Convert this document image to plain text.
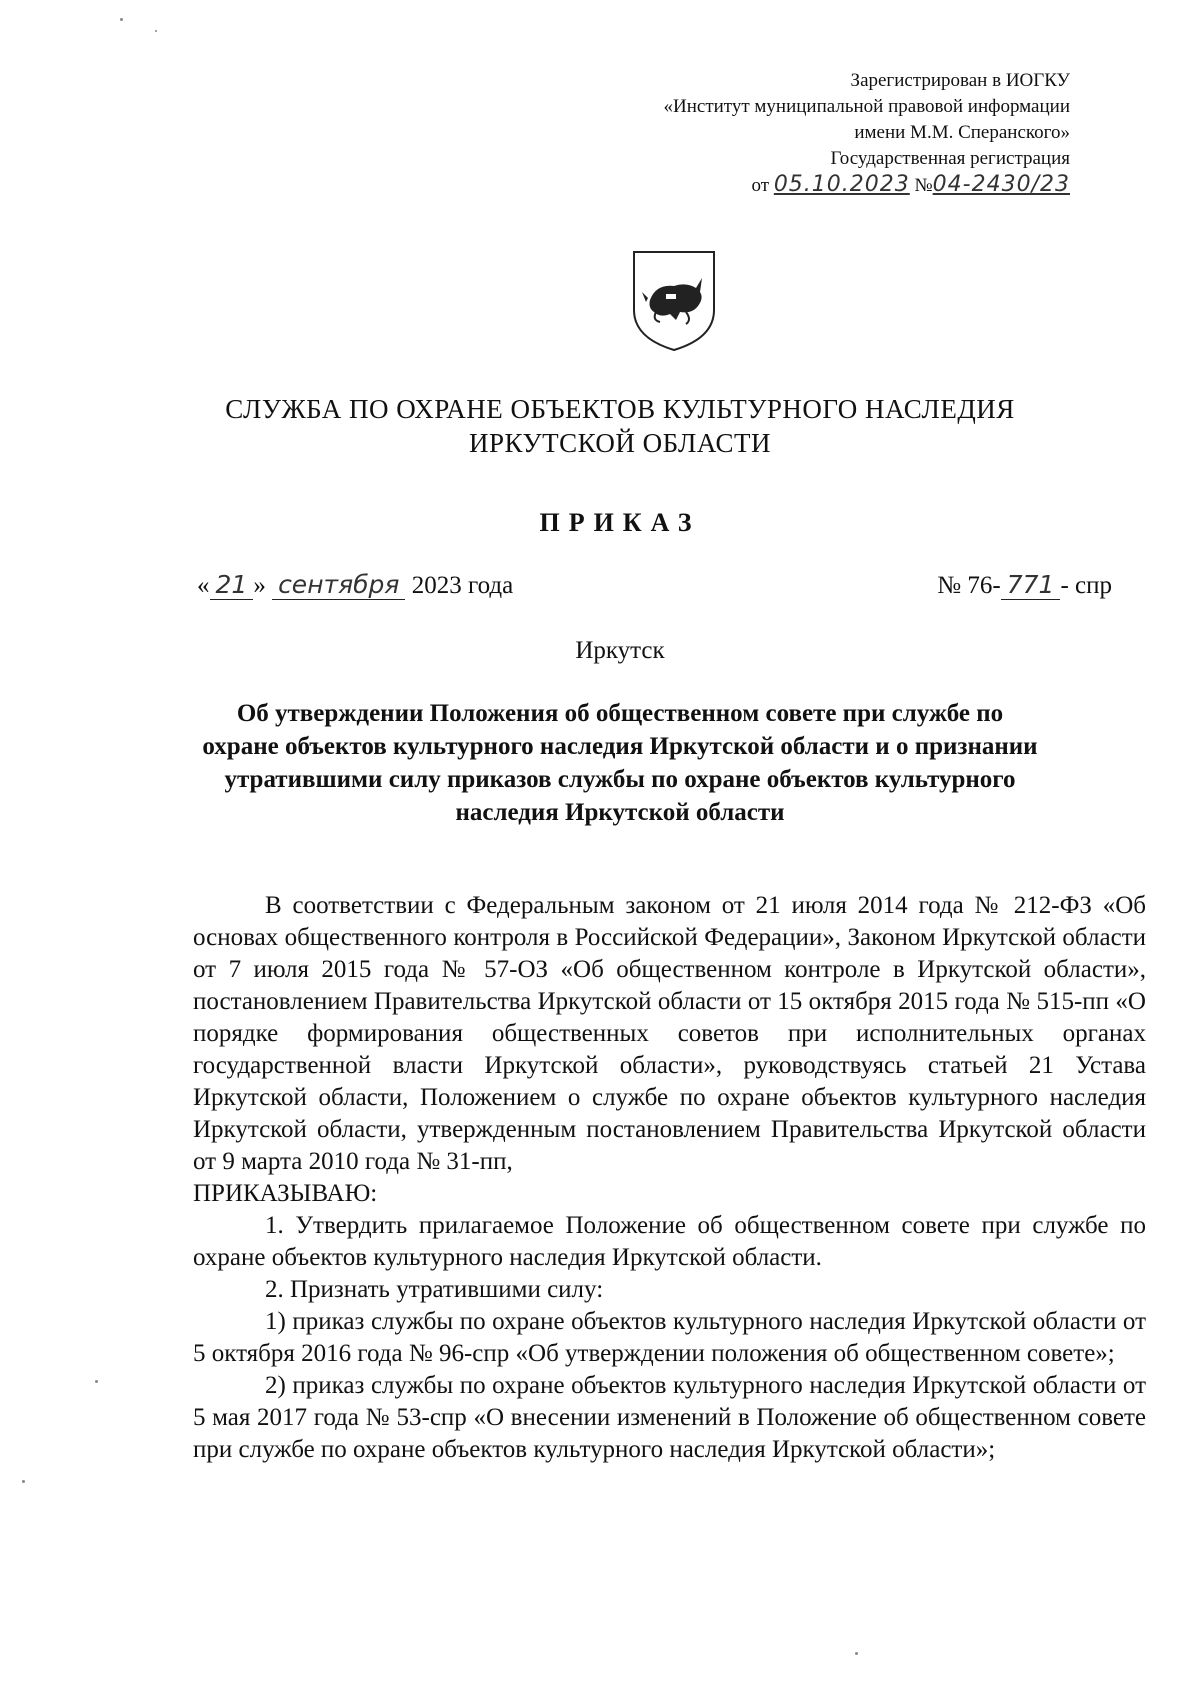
Зарегистрирован в ИОГКУ
«Институт муниципальной правовой информации
имени М.М. Сперанского»
Государственная регистрация
от 05.10.2023 №04-2430/23
СЛУЖБА ПО ОХРАНЕ ОБЪЕКТОВ КУЛЬТУРНОГО НАСЛЕДИЯ
ИРКУТСКОЙ ОБЛАСТИ
ПРИКАЗ
« 21 » сентября 2023 года	№ 76- 771 - спр
Иркутск
Об утверждении Положения об общественном совете при службе по
охране объектов культурного наследия Иркутской области и о признании
утратившими силу приказов службы по охране объектов культурного
наследия Иркутской области

В соответствии с Федеральным законом от 21 июля 2014 года № 212-ФЗ «Об основах общественного контроля в Российской Федерации», Законом Иркутской области от 7 июля 2015 года № 57-ОЗ «Об общественном контроле в Иркутской области», постановлением Правительства Иркутской области от 15 октября 2015 года № 515-пп «О порядке формирования общественных советов при исполнительных органах государственной власти Иркутской области», руководствуясь статьей 21 Устава Иркутской области, Положением о службе по охране объектов культурного наследия Иркутской области, утвержденным постановлением Правительства Иркутской области от 9 марта 2010 года № 31-пп,

ПРИКАЗЫВАЮ:

1. Утвердить прилагаемое Положение об общественном совете при службе по охране объектов культурного наследия Иркутской области.

2. Признать утратившими силу:

1) приказ службы по охране объектов культурного наследия Иркутской области от 5 октября 2016 года № 96-спр «Об утверждении положения об общественном совете»;

2) приказ службы по охране объектов культурного наследия Иркутской области от 5 мая 2017 года № 53-спр «О внесении изменений в Положение об общественном совете при службе по охране объектов культурного наследия Иркутской области»;
